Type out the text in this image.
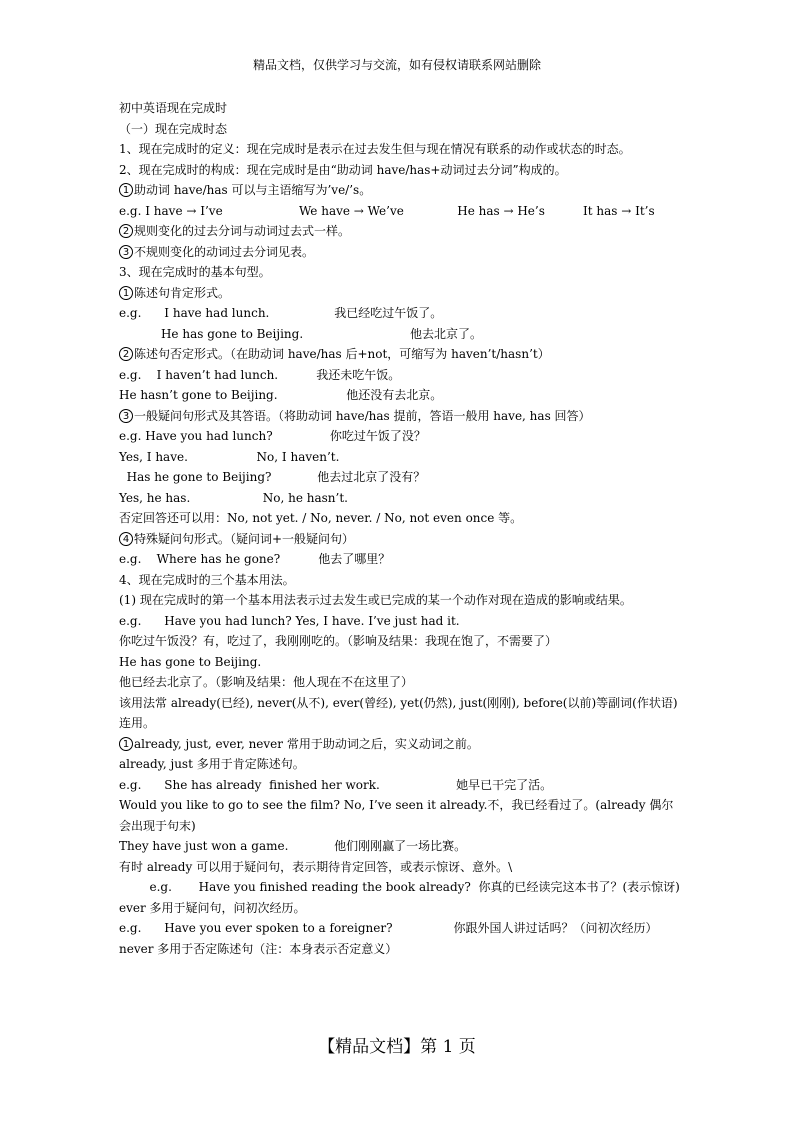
精品文档，仅供学习与交流，如有侵权请联系网站删除

初中英语现在完成时

（一）现在完成时态

1、现在完成时的定义：现在完成时是表示在过去发生但与现在情况有联系的动作或状态的时态。

2、现在完成时的构成：现在完成时是由“助动词 have/has+动词过去分词”构成的。

1 助动词 have/has 可以与主语缩写为’ve/’s。

e.g. I have → I’ve                    We have → We’ve              He has → He’s          It has → It’s

2 规则变化的过去分词与动词过去式一样。

3 不规则变化的动词过去分词见表。

3、现在完成时的基本句型。

1 陈述句肯定形式。

e.g.      I have had lunch.                 我已经吃过午饭了。

He has gone to Beijing.                            他去北京了。

2 陈述句否定形式。（在助动词 have/has 后+not，可缩写为 haven’t/hasn’t）

e.g.    I haven’t had lunch.          我还未吃午饭。

He hasn’t gone to Beijing.                  他还没有去北京。

3 一般疑问句形式及其答语。（将助动词 have/has 提前，答语一般用 have, has 回答）

e.g. Have you had lunch?               你吃过午饭了没？

Yes, I have.                  No, I haven’t.

Has he gone to Beijing?            他去过北京了没有？

Yes, he has.                   No, he hasn’t.

否定回答还可以用：No, not yet. / No, never. / No, not even once 等。

4 特殊疑问句形式。（疑问词+一般疑问句）

e.g.    Where has he gone?          他去了哪里？

4、现在完成时的三个基本用法。

(1) 现在完成时的第一个基本用法表示过去发生或已完成的某一个动作对现在造成的影响或结果。

e.g.      Have you had lunch? Yes, I have. I’ve just had it.

你吃过午饭没？有，吃过了，我刚刚吃的。（影响及结果：我现在饱了，不需要了）

He has gone to Beijing.

他已经去北京了。（影响及结果：他人现在不在这里了）

该用法常 already(已经), never(从不), ever(曾经), yet(仍然), just(刚刚), before(以前)等副词(作状语)连用。

1 already, just, ever, never 常用于助动词之后，实义动词之前。

already, just 多用于肯定陈述句。

e.g.      She has already  finished her work.                    她早已干完了活。

Would you like to go to see the film? No, I’ve seen it already.不，我已经看过了。(already 偶尔会出现于句末)

They have just won a game.            他们刚刚赢了一场比赛。

有时 already 可以用于疑问句，表示期待肯定回答，或表示惊讶、意外。\

e.g.       Have you finished reading the book already?  你真的已经读完这本书了？(表示惊讶)

ever 多用于疑问句，问初次经历。

e.g.      Have you ever spoken to a foreigner?                你跟外国人讲过话吗？（问初次经历）

never 多用于否定陈述句（注：本身表示否定意义）

【精品文档】第 1 页
